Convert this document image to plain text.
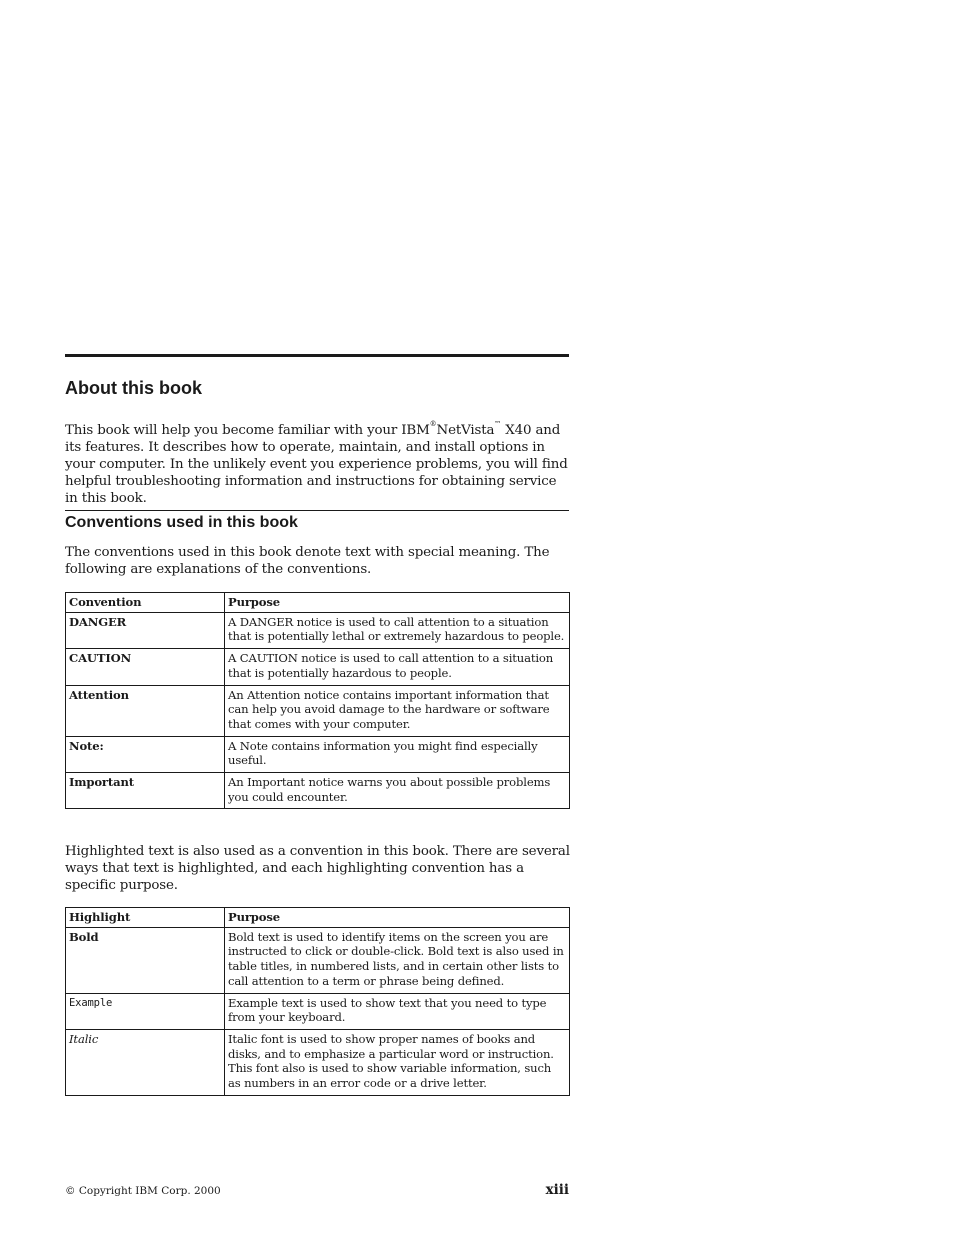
About this book

This book will help you become familiar with your IBM®NetVista™ X40 and its features. It describes how to operate, maintain, and install options in your computer. In the unlikely event you experience problems, you will find helpful troubleshooting information and instructions for obtaining service in this book.

Conventions used in this book

The conventions used in this book denote text with special meaning. The following are explanations of the conventions.

Convention	Purpose
DANGER	A DANGER notice is used to call attention to a situation that is potentially lethal or extremely hazardous to people.
CAUTION	A CAUTION notice is used to call attention to a situation that is potentially hazardous to people.
Attention	An Attention notice contains important information that can help you avoid damage to the hardware or software that comes with your computer.
Note:	A Note contains information you might find especially useful.
Important	An Important notice warns you about possible problems you could encounter.

Highlighted text is also used as a convention in this book. There are several ways that text is highlighted, and each highlighting convention has a specific purpose.

Highlight	Purpose
Bold	Bold text is used to identify items on the screen you are instructed to click or double-click. Bold text is also used in table titles, in numbered lists, and in certain other lists to call attention to a term or phrase being defined.
Example	Example text is used to show text that you need to type from your keyboard.
Italic	Italic font is used to show proper names of books and disks, and to emphasize a particular word or instruction. This font also is used to show variable information, such as numbers in an error code or a drive letter.

© Copyright IBM Corp. 2000	xiii
